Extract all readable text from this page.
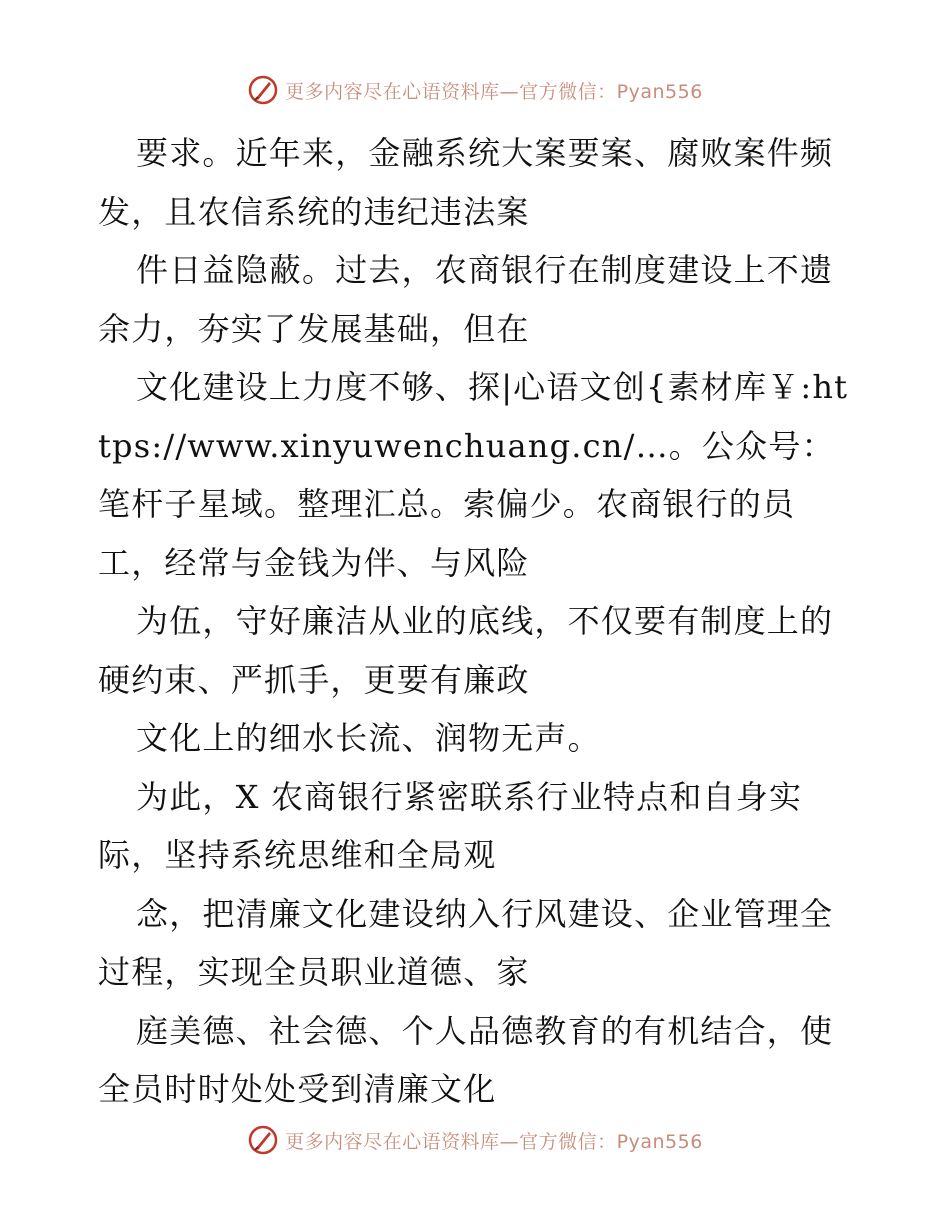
更多内容尽在心语资料库—官方微信：Pyan556

要求。近年来，金融系统大案要案、腐败案件频发，且农信系统的违纪违法案

件日益隐蔽。过去，农商银行在制度建设上不遗余力，夯实了发展基础，但在

文化建设上力度不够、探|心语文创{素材库￥:https://www.xinyuwenchuang.cn/…。公众号：笔杆子星域。整理汇总。索偏少。农商银行的员工，经常与金钱为伴、与风险

为伍，守好廉洁从业的底线，不仅要有制度上的硬约束、严抓手，更要有廉政

文化上的细水长流、润物无声。

为此，X 农商银行紧密联系行业特点和自身实际，坚持系统思维和全局观

念，把清廉文化建设纳入行风建设、企业管理全过程，实现全员职业道德、家

庭美德、社会德、个人品德教育的有机结合，使全员时时处处受到清廉文化

更多内容尽在心语资料库—官方微信：Pyan556
